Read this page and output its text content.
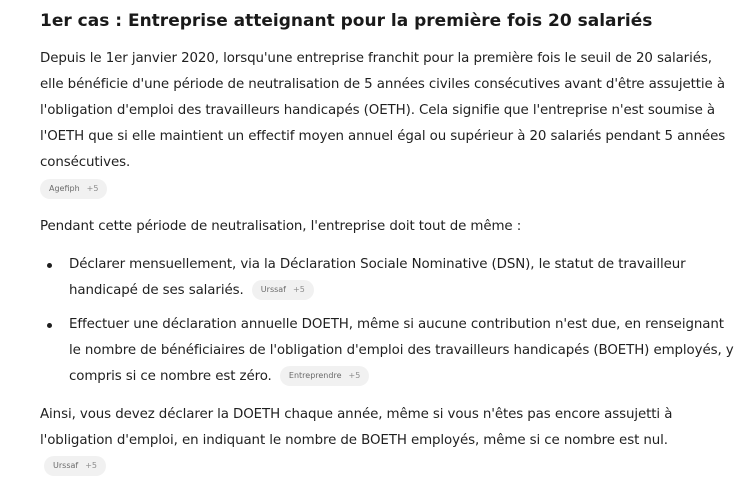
1er cas : Entreprise atteignant pour la première fois 20 salariés

Depuis le 1er janvier 2020, lorsqu'une entreprise franchit pour la première fois le seuil de 20 salariés, elle bénéficie d'une période de neutralisation de 5 années civiles consécutives avant d'être assujettie à l'obligation d'emploi des travailleurs handicapés (OETH). Cela signifie que l'entreprise n'est soumise à l'OETH que si elle maintient un effectif moyen annuel égal ou supérieur à 20 salariés pendant 5 années consécutives.

Agefiph +5

Pendant cette période de neutralisation, l'entreprise doit tout de même :

Déclarer mensuellement, via la Déclaration Sociale Nominative (DSN), le statut de travailleur handicapé de ses salariés. Urssaf +5
Effectuer une déclaration annuelle DOETH, même si aucune contribution n'est due, en renseignant le nombre de bénéficiaires de l'obligation d'emploi des travailleurs handicapés (BOETH) employés, y compris si ce nombre est zéro. Entreprendre +5

Ainsi, vous devez déclarer la DOETH chaque année, même si vous n'êtes pas encore assujetti à l'obligation d'emploi, en indiquant le nombre de BOETH employés, même si ce nombre est nul.
Urssaf +5
